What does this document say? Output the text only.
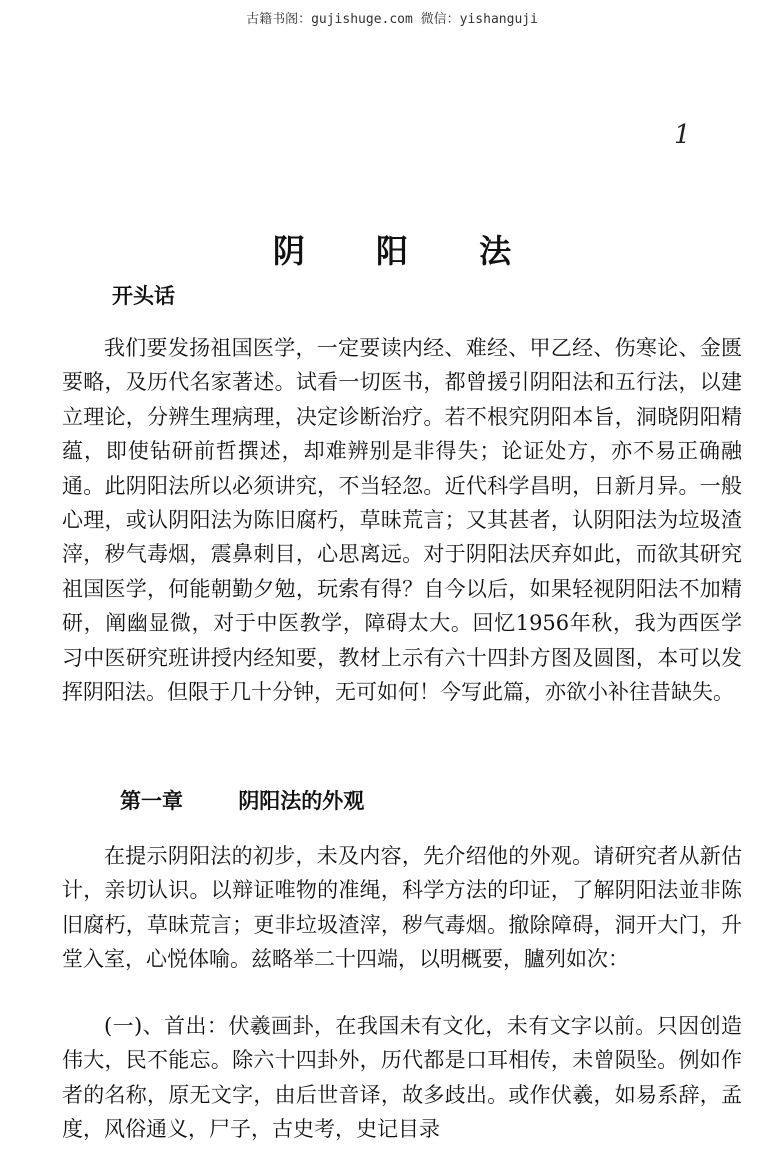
古籍书阁：gujishuge.com 微信：yishanguji
1
阴 阳 法
开头话

我们要发扬祖国医学，一定要读内经、难经、甲乙经、伤寒论、金匮要略，及历代名家著述。试看一切医书，都曾援引阴阳法和五行法，以建立理论，分辨生理病理，决定诊断治疗。若不根究阴阳本旨，洞晓阴阳精蕴，即使钻研前哲撰述，却难辨别是非得失；论证处方，亦不易正确融通。此阴阳法所以必须讲究，不当轻忽。近代科学昌明，日新月异。一般心理，或认阴阳法为陈旧腐朽，草昧荒言；又其甚者，认阴阳法为垃圾渣滓，秽气毒烟，震鼻刺目，心思离远。对于阴阳法厌弃如此，而欲其研究祖国医学，何能朝勤夕勉，玩索有得？自今以后，如果轻视阴阳法不加精研，阐幽显微，对于中医教学，障碍太大。回忆1956年秋，我为西医学习中医研究班讲授内经知要，教材上示有六十四卦方图及圆图，本可以发挥阴阳法。但限于几十分钟，无可如何！今写此篇，亦欲小补往昔缺失。

第一章	阴阳法的外观

在提示阴阳法的初步，未及内容，先介绍他的外观。请研究者从新估计，亲切认识。以辩证唯物的准绳，科学方法的印证，了解阴阳法並非陈旧腐朽，草昧荒言；更非垃圾渣滓，秽气毒烟。撤除障碍，洞开大门，升堂入室，心悦体喻。兹略举二十四端，以明概要，臚列如次：

(一)、首出：伏羲画卦，在我国未有文化，未有文字以前。只因创造伟大，民不能忘。除六十四卦外，历代都是口耳相传，未曾陨坠。例如作者的名称，原无文字，由后世音译，故多歧出。或作伏羲，如易系辞，孟度，风俗通义，尸子，古史考，史记目录
